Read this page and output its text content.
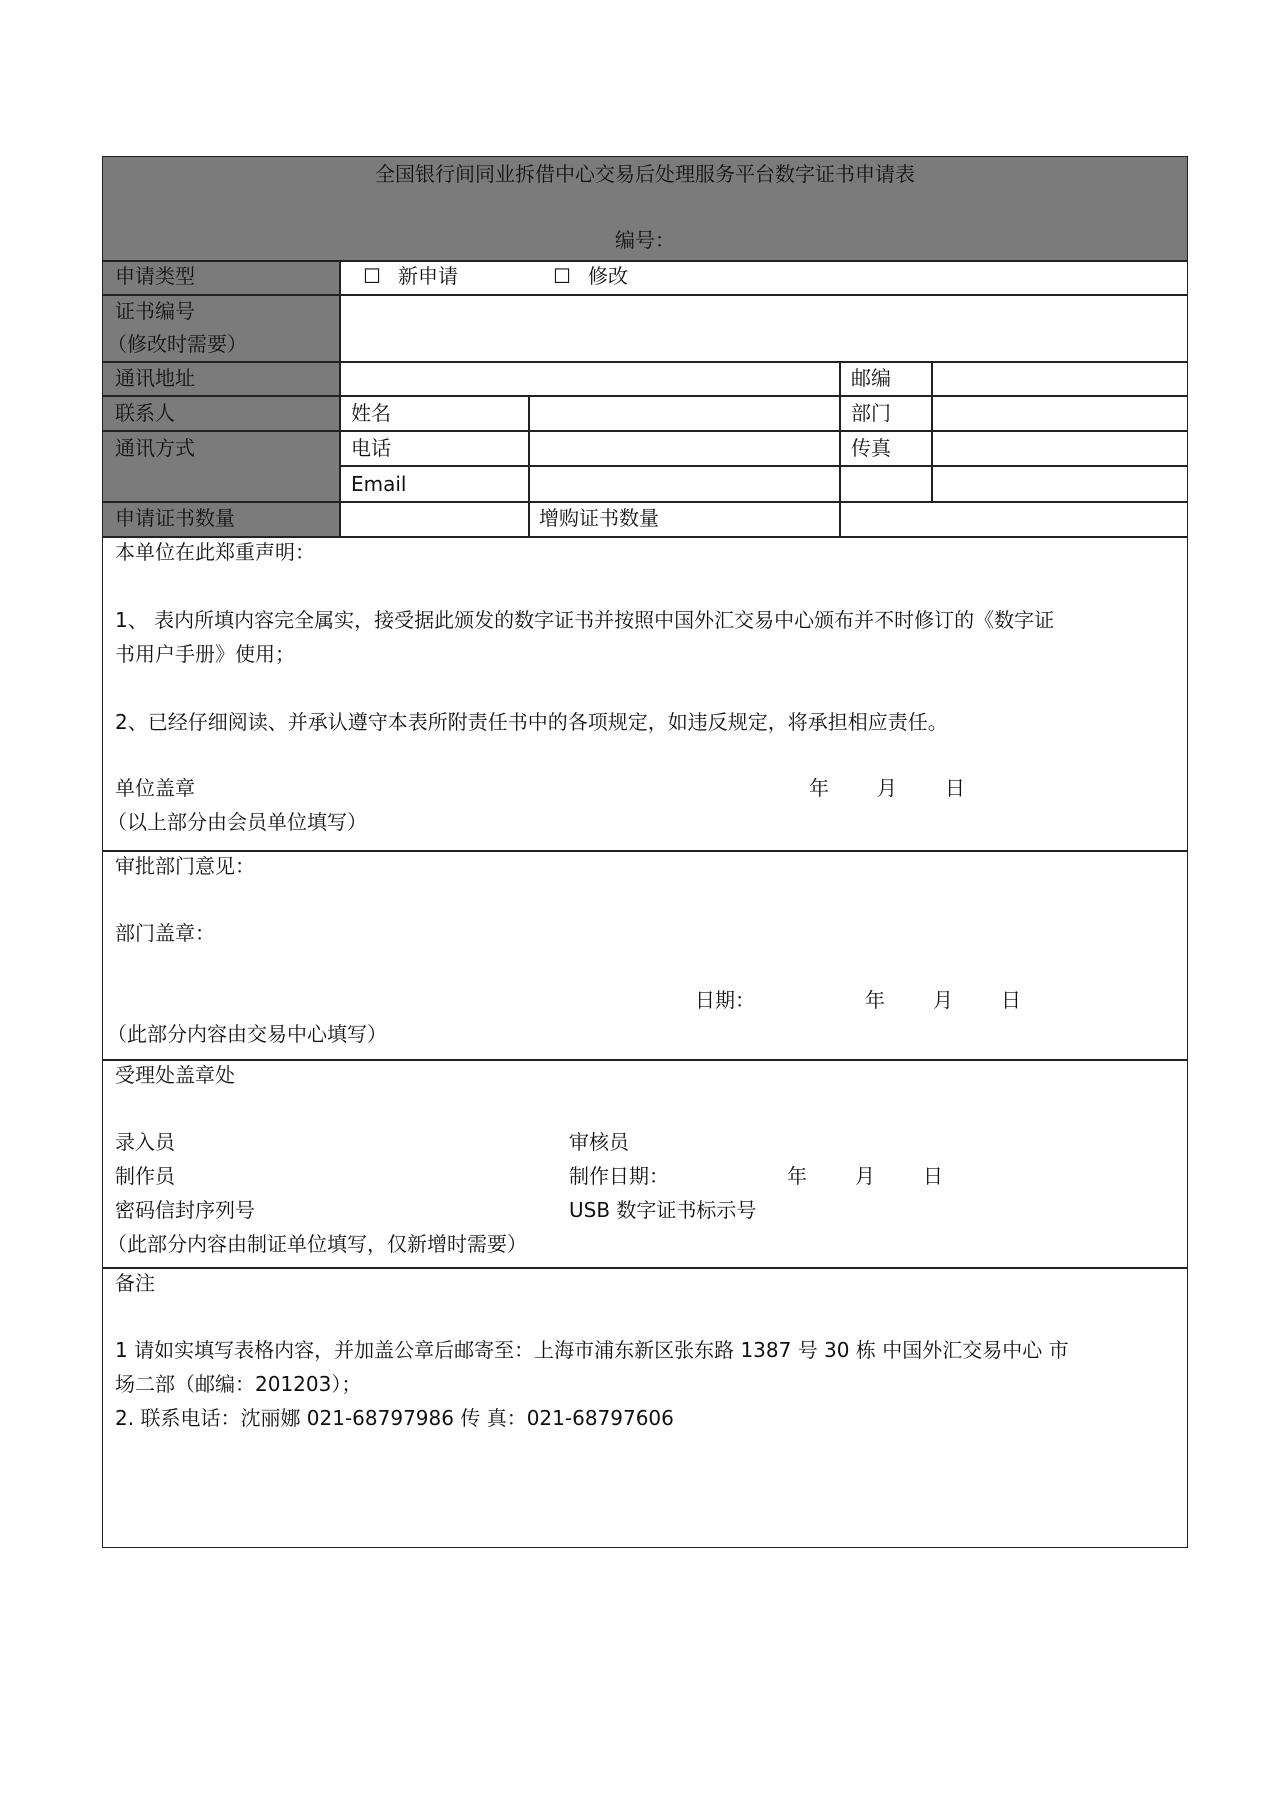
全国银行间同业拆借中心交易后处理服务平台数字证书申请表
编号：
申请类型	☐ 新申请	☐ 修改
证书编号
（修改时需要）
通讯地址	邮编
联系人	姓名	部门
通讯方式	电话	传真
Email
申请证书数量	增购证书数量
本单位在此郑重声明：
1、 表内所填内容完全属实，接受据此颁发的数字证书并按照中国外汇交易中心颁布并不时修订的《数字证
书用户手册》使用；
2、已经仔细阅读、并承认遵守本表所附责任书中的各项规定，如违反规定，将承担相应责任。
单位盖章	年 月 日
（以上部分由会员单位填写）
审批部门意见：
部门盖章：
日期：	年 月 日
（此部分内容由交易中心填写）
受理处盖章处
录入员	审核员
制作员	制作日期：	年 月 日
密码信封序列号	USB 数字证书标示号
（此部分内容由制证单位填写，仅新增时需要）
备注
1 请如实填写表格内容，并加盖公章后邮寄至：上海市浦东新区张东路 1387 号 30 栋 中国外汇交易中心 市
场二部（邮编：201203）；
2. 联系电话：沈丽娜 021-68797986 传 真：021-68797606
